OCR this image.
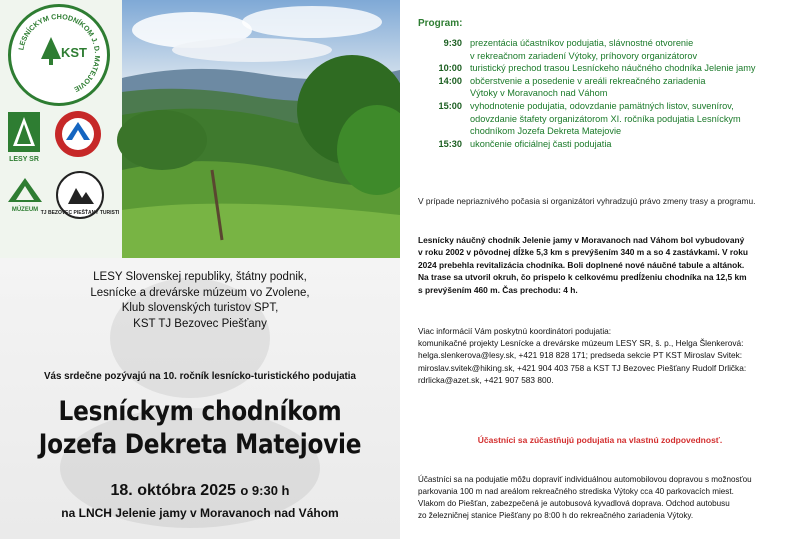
LESNÍCKYM CHODNÍKOM J. D. MATEJOVIE
KST
LESY SR
MÚZEUM TJ BEZOVEC PIEŠŤANY TURISTI
LESY Slovenskej republiky, štátny podnik,
Lesnícke a drevárske múzeum vo Zvolene,
Klub slovenských turistov SPT,
KST TJ Bezovec Piešťany
Vás srdečne pozývajú na 10. ročník lesnícko-turistického podujatia
Lesníckym chodníkom
Jozefa Dekreta Matejovie
18. októbra 2025 o 9:30 h
na LNCH Jelenie jamy v Moravanoch nad Váhom
Program:
9:30 prezentácia účastníkov podujatia, slávnostné otvorenie
v rekreačnom zariadení Výtoky, príhovory organizátorov
10:00 turistický prechod trasou Lesníckeho náučného chodníka Jelenie jamy
14:00 občerstvenie a posedenie v areáli rekreačného zariadenia
Výtoky v Moravanoch nad Váhom
15:00 vyhodnotenie podujatia, odovzdanie pamätných listov, suvenírov,
odovzdanie štafety organizátorom XI. ročníka podujatia Lesníckym
chodníkom Jozefa Dekreta Matejovie
15:30 ukončenie oficiálnej časti podujatia
V prípade nepriaznivého počasia si organizátori vyhradzujú právo zmeny trasy a programu.
Lesnícky náučný chodník Jelenie jamy v Moravanoch nad Váhom bol vybudovaný
v roku 2002 v pôvodnej dĺžke 5,3 km s prevýšením 340 m a so 4 zastávkami. V roku
2024 prebehla revitalizácia chodníka. Boli doplnené nové náučné tabule a altánok.
Na trase sa utvoril okruh, čo prispelo k celkovému predĺženiu chodníka na 12,5 km
s prevýšením 460 m. Čas prechodu: 4 h.
Viac informácií Vám poskytnú koordinátori podujatia:
komunikačné projekty Lesnícke a drevárske múzeum LESY SR, š. p., Helga Šlenkerová:
helga.slenkerova@lesy.sk, +421 918 828 171; predseda sekcie PT KST Miroslav Svitek:
miroslav.svitek@hiking.sk, +421 904 403 758 a KST TJ Bezovec Piešťany Rudolf Drlička:
rdrlicka@azet.sk, +421 907 583 800.
Účastníci sa zúčastňujú podujatia na vlastnú zodpovednosť.
Účastníci sa na podujatie môžu dopraviť individuálnou automobilovou dopravou s možnosťou
parkovania 100 m nad areálom rekreačného strediska Výtoky cca 40 parkovacích miest.
Vlakom do Piešťan, zabezpečená je autobusová kyvadlová doprava. Odchod autobusu
zo železničnej stanice Piešťany po 8:00 h do rekreačného zariadenia Výtoky.
